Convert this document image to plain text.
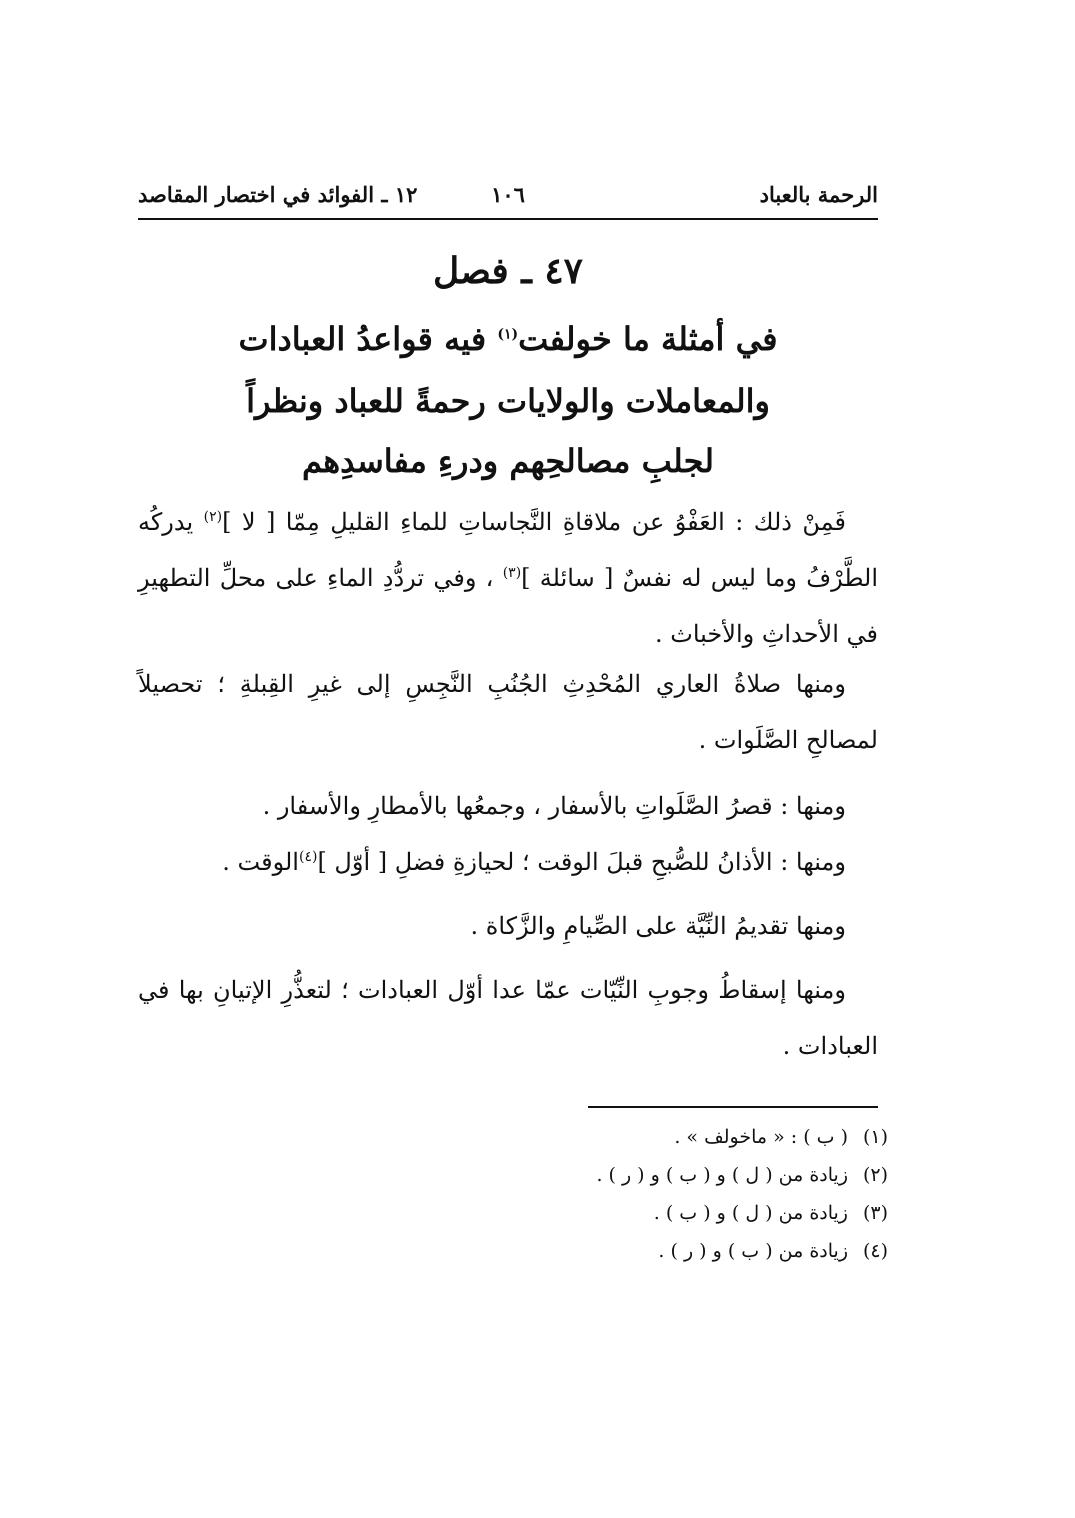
الرحمة بالعباد
١٠٦
١٢ ـ الفوائد في اختصار المقاصد
٤٧ ـ فصل
في أمثلة ما خولفت$^{(١)}$ فيه قواعدُ العبادات
والمعاملات والولايات رحمةً للعباد ونظراً
لجلبِ مصالحِهم ودرءِ مفاسدِهم

فَمِنْ ذلك : العَفْوُ عن ملاقاةِ النَّجاساتِ للماءِ القليلِ مِمّا [ لا ]$^{(٢)}$ يدركُه الطَّرْفُ وما ليس له نفسٌ [ سائلة ]$^{(٣)}$ ، وفي تردُّدِ الماءِ على محلِّ التطهيرِ في الأحداثِ والأخباث .

ومنها صلاةُ العاري المُحْدِثِ الجُنُبِ النَّجِسِ إلى غيرِ القِبلةِ ؛ تحصيلاً لمصالحِ الصَّلَوات .

ومنها : قصرُ الصَّلَواتِ بالأسفار ، وجمعُها بالأمطارِ والأسفار .

ومنها : الأذانُ للصُّبحِ قبلَ الوقت ؛ لحيازةِ فضلِ [ أوّل ]$^{(٤)}$الوقت .

ومنها تقديمُ النِّيَّة على الصِّيامِ والزَّكاة .

ومنها إسقاطُ وجوبِ النِّيّات عمّا عدا أوّل العبادات ؛ لتعذُّرِ الإتيانِ بها في العبادات .

(١)( ب ) : « ماخولف » .
(٢)زيادة من ( ل ) و ( ب ) و ( ر ) .
(٣)زيادة من ( ل ) و ( ب ) .
(٤)زيادة من ( ب ) و ( ر ) .
